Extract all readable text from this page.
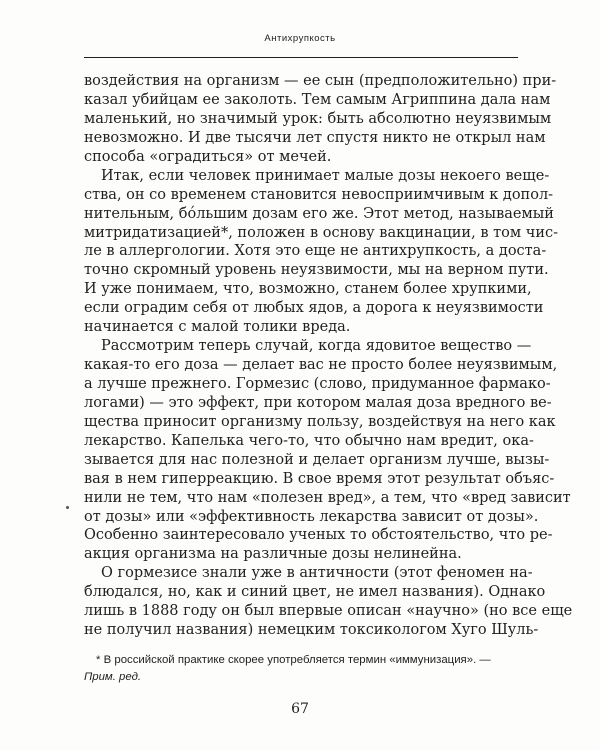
Антихрупкость
воздействия на организм — ее сын (предположительно) при-
казал убийцам ее заколоть. Тем самым Агриппина дала нам
маленький, но значимый урок: быть абсолютно неуязвимым
невозможно. И две тысячи лет спустя никто не открыл нам
способа «оградиться» от мечей.
Итак, если человек принимает малые дозы некоего веще-
ства, он со временем становится невосприимчивым к допол-
нительным, бóльшим дозам его же. Этот метод, называемый
митридатизацией*, положен в основу вакцинации, в том чис-
ле в аллергологии. Хотя это еще не антихрупкость, а доста-
точно скромный уровень неуязвимости, мы на верном пути.
И уже понимаем, что, возможно, станем более хрупкими,
если оградим себя от любых ядов, а дорога к неуязвимости
начинается с малой толики вреда.
Рассмотрим теперь случай, когда ядовитое вещество —
какая-то его доза — делает вас не просто более неуязвимым,
а лучше прежнего. Гормезис (слово, придуманное фармако-
логами) — это эффект, при котором малая доза вредного ве-
щества приносит организму пользу, воздействуя на него как
лекарство. Капелька чего-то, что обычно нам вредит, ока-
зывается для нас полезной и делает организм лучше, вызы-
вая в нем гиперреакцию. В свое время этот результат объяс-
нили не тем, что нам «полезен вред», а тем, что «вред зависит
от дозы» или «эффективность лекарства зависит от дозы».
Особенно заинтересовало ученых то обстоятельство, что ре-
акция организма на различные дозы нелинейна.
О гормезисе знали уже в античности (этот феномен на-
блюдался, но, как и синий цвет, не имел названия). Однако
лишь в 1888 году он был впервые описан «научно» (но все еще
не получил названия) немецким токсикологом Хуго Шуль-
* В российской практике скорее употребляется термин «иммунизация». —
Прим. ред.
67
